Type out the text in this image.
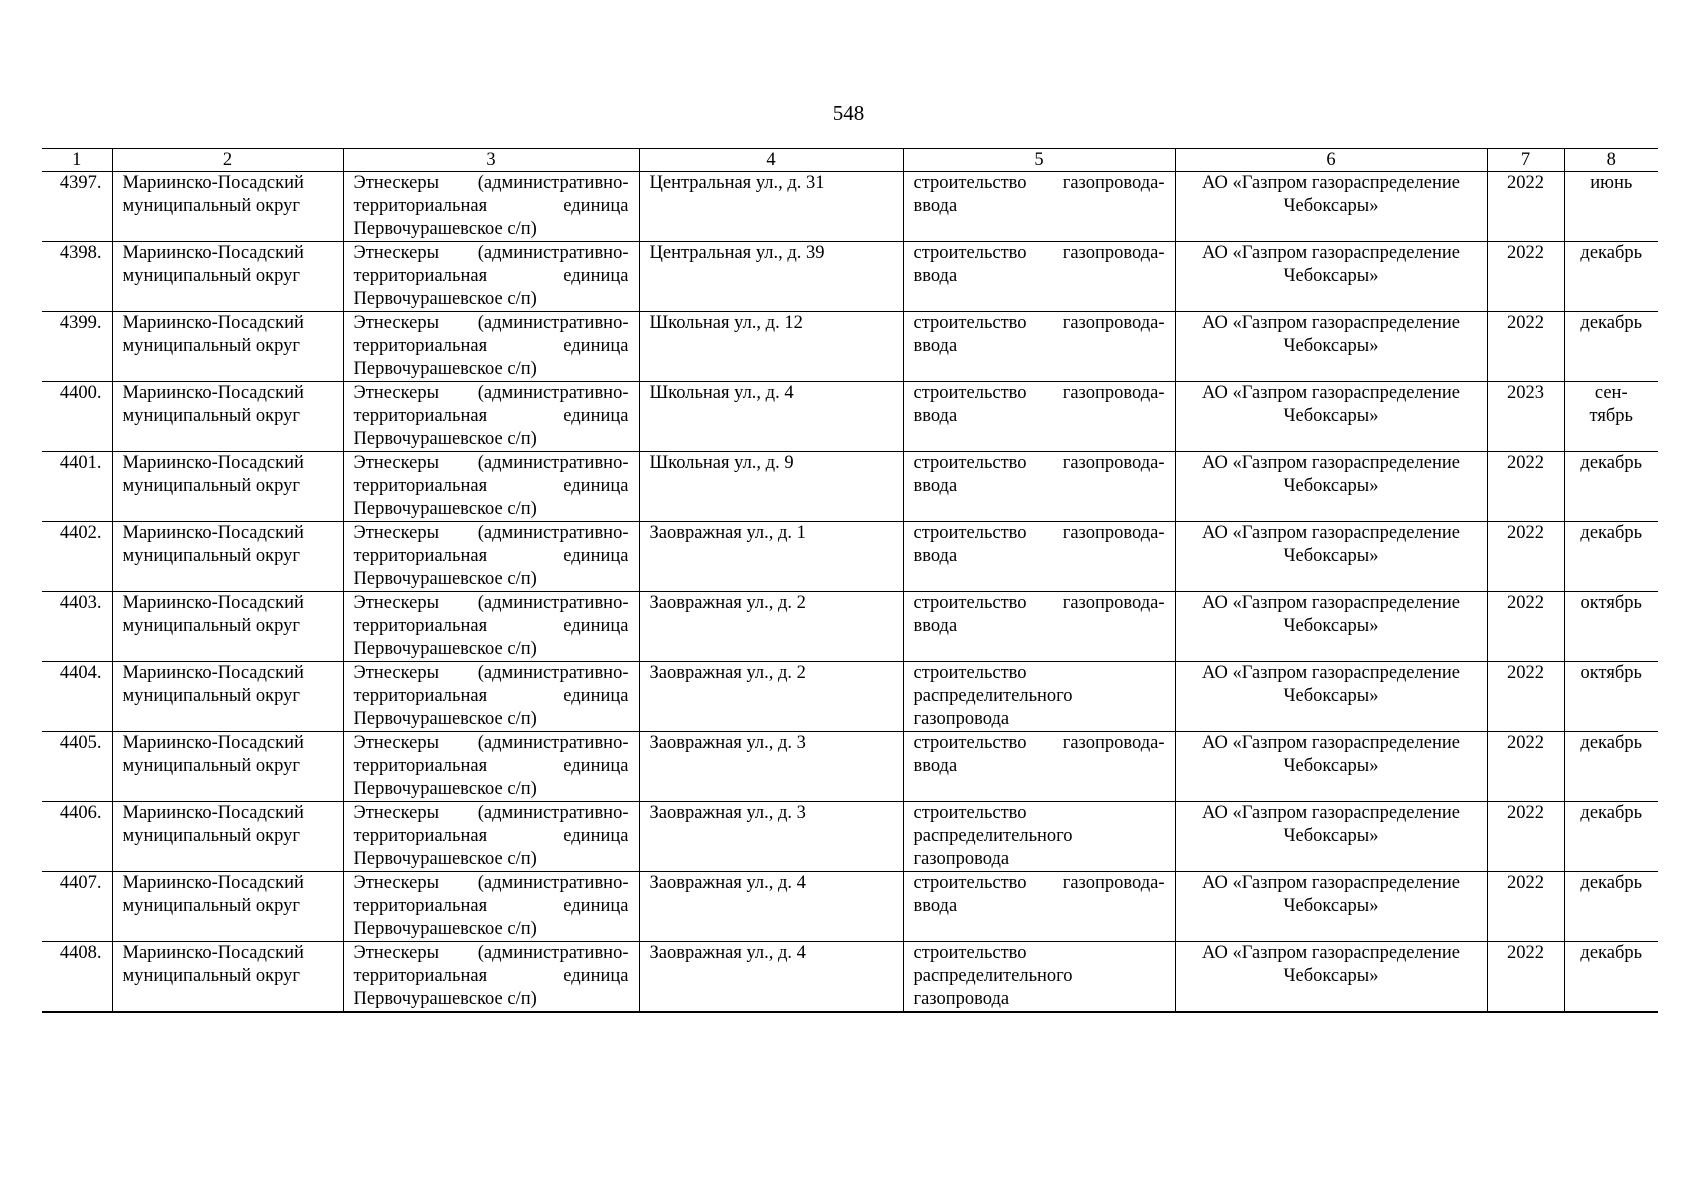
548
1	2	3	4	5	6	7	8
4397.	Мариинско-Посадский муниципальный округ	Этнескеры (административно-территориальная единица Первочурашевское с/п)	Центральная ул., д. 31	строительство газопровода-ввода	АО «Газпром газораспределение Чебоксары»	2022	июнь
4398.	Мариинско-Посадский муниципальный округ	Этнескеры (административно-территориальная единица Первочурашевское с/п)	Центральная ул., д. 39	строительство газопровода-ввода	АО «Газпром газораспределение Чебоксары»	2022	декабрь
4399.	Мариинско-Посадский муниципальный округ	Этнескеры (административно-территориальная единица Первочурашевское с/п)	Школьная ул., д. 12	строительство газопровода-ввода	АО «Газпром газораспределение Чебоксары»	2022	декабрь
4400.	Мариинско-Посадский муниципальный округ	Этнескеры (административно-территориальная единица Первочурашевское с/п)	Школьная ул., д. 4	строительство газопровода-ввода	АО «Газпром газораспределение Чебоксары»	2023	сен-
тябрь
4401.	Мариинско-Посадский муниципальный округ	Этнескеры (административно-территориальная единица Первочурашевское с/п)	Школьная ул., д. 9	строительство газопровода-ввода	АО «Газпром газораспределение Чебоксары»	2022	декабрь
4402.	Мариинско-Посадский муниципальный округ	Этнескеры (административно-территориальная единица Первочурашевское с/п)	Заовражная ул., д. 1	строительство газопровода-ввода	АО «Газпром газораспределение Чебоксары»	2022	декабрь
4403.	Мариинско-Посадский муниципальный округ	Этнескеры (административно-территориальная единица Первочурашевское с/п)	Заовражная ул., д. 2	строительство газопровода-ввода	АО «Газпром газораспределение Чебоксары»	2022	октябрь
4404.	Мариинско-Посадский муниципальный округ	Этнескеры (административно-территориальная единица Первочурашевское с/п)	Заовражная ул., д. 2	строительство распределительного газопровода	АО «Газпром газораспределение Чебоксары»	2022	октябрь
4405.	Мариинско-Посадский муниципальный округ	Этнескеры (административно-территориальная единица Первочурашевское с/п)	Заовражная ул., д. 3	строительство газопровода-ввода	АО «Газпром газораспределение Чебоксары»	2022	декабрь
4406.	Мариинско-Посадский муниципальный округ	Этнескеры (административно-территориальная единица Первочурашевское с/п)	Заовражная ул., д. 3	строительство распределительного газопровода	АО «Газпром газораспределение Чебоксары»	2022	декабрь
4407.	Мариинско-Посадский муниципальный округ	Этнескеры (административно-территориальная единица Первочурашевское с/п)	Заовражная ул., д. 4	строительство газопровода-ввода	АО «Газпром газораспределение Чебоксары»	2022	декабрь
4408.	Мариинско-Посадский муниципальный округ	Этнескеры (административно-территориальная единица Первочурашевское с/п)	Заовражная ул., д. 4	строительство распределительного газопровода	АО «Газпром газораспределение Чебоксары»	2022	декабрь
